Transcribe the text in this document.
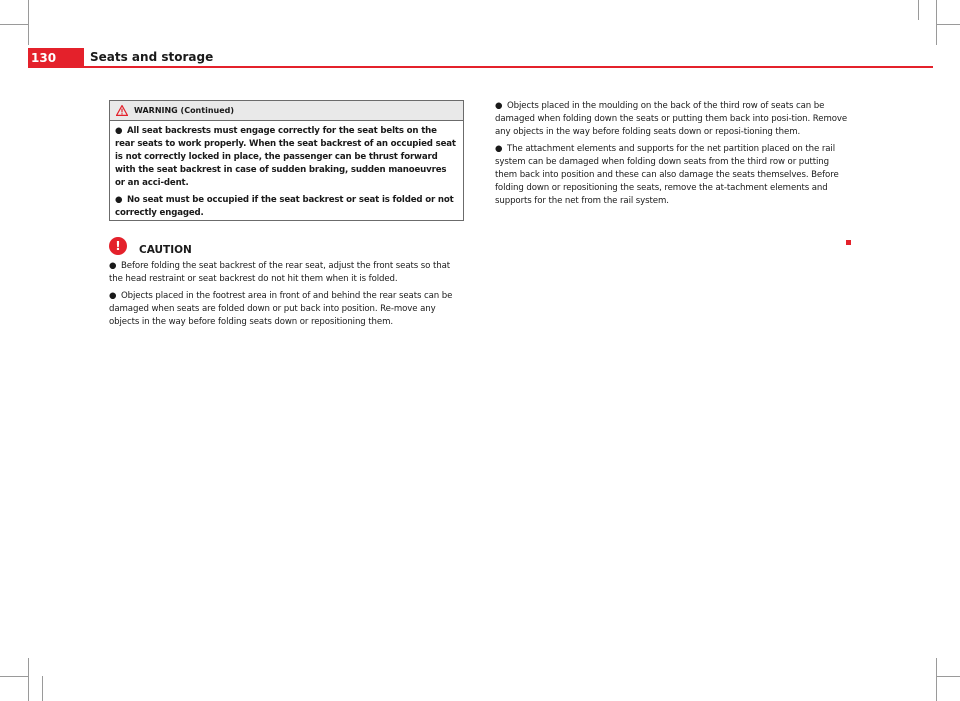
130	Seats and storage
WARNING (Continued)
● All seat backrests must engage correctly for the seat belts on the rear seats to work properly. When the seat backrest of an occupied seat is not correctly locked in place, the passenger can be thrust forward with the seat backrest in case of sudden braking, sudden manoeuvres or an acci-dent.
● No seat must be occupied if the seat backrest or seat is folded or not correctly engaged.
!	CAUTION

● Before folding the seat backrest of the rear seat, adjust the front seats so that the head restraint or seat backrest do not hit them when it is folded.

● Objects placed in the footrest area in front of and behind the rear seats can be damaged when seats are folded down or put back into position. Re-move any objects in the way before folding seats down or repositioning them.

● Objects placed in the moulding on the back of the third row of seats can be damaged when folding down the seats or putting them back into posi-tion. Remove any objects in the way before folding seats down or reposi-tioning them.

● The attachment elements and supports for the net partition placed on the rail system can be damaged when folding down seats from the third row or putting them back into position and these can also damage the seats themselves. Before folding down or repositioning the seats, remove the at-tachment elements and supports for the net from the rail system.
